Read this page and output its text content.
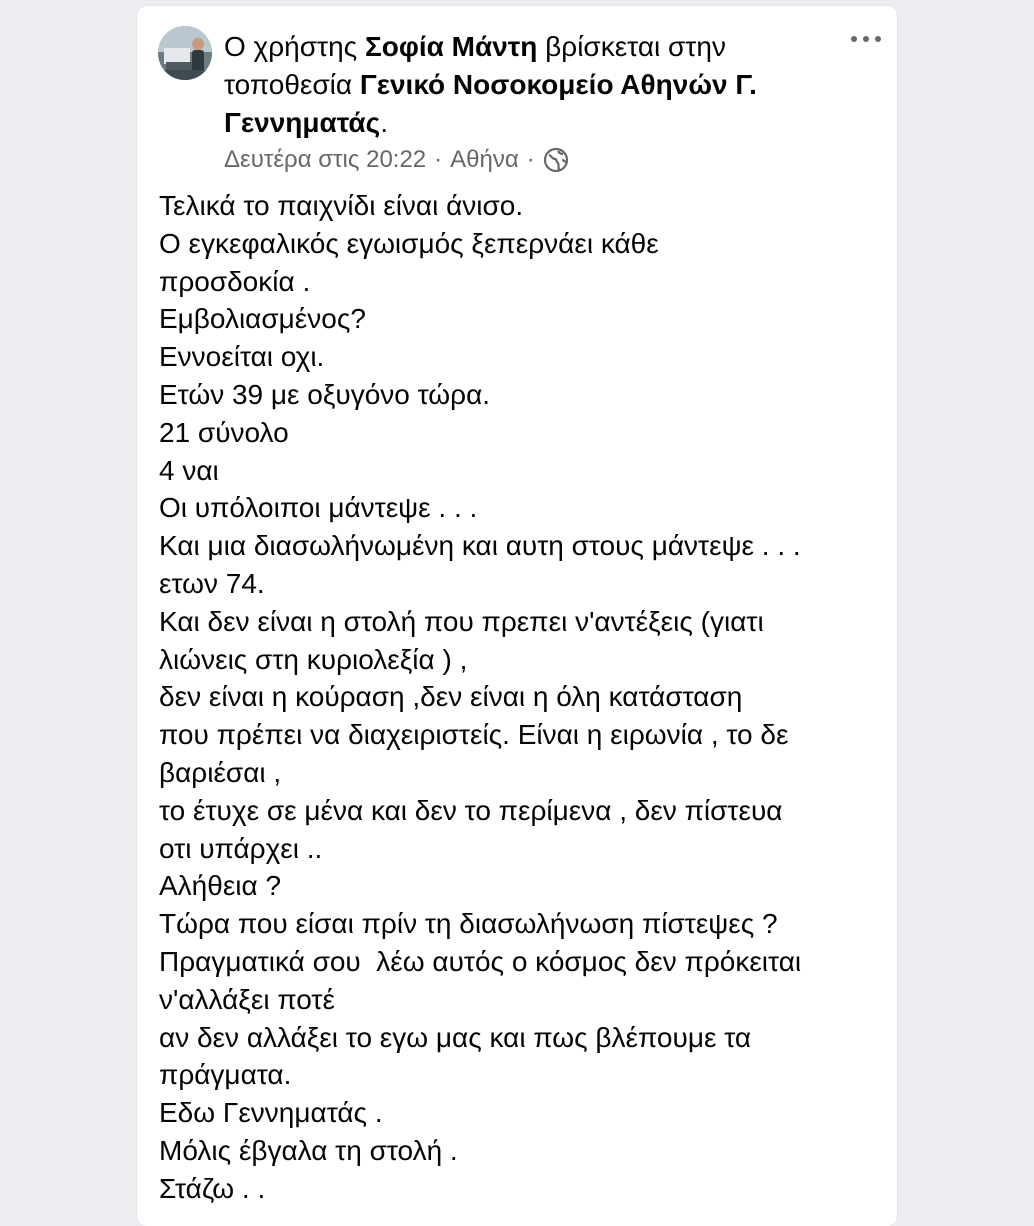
Ο χρήστης Σοφία Μάντη βρίσκεται στην τοποθεσία Γενικό Νοσοκομείο Αθηνών Γ. Γεννηματάς.
Δευτέρα στις 20:22 · Αθήνα ·
Τελικά το παιχνίδι είναι άνισο.
Ο εγκεφαλικός εγωισμός ξεπερνάει κάθε
προσδοκία .
Εμβολιασμένος?
Εννοείται οχι.
Ετών 39 με οξυγόνο τώρα.
21 σύνολο
4 ναι
Οι υπόλοιποι μάντεψε . . .
Και μια διασωλήνωμένη και αυτη στους μάντεψε . . .
ετων 74.
Και δεν είναι η στολή που πρεπει ν'αντέξεις (γιατι
λιώνεις στη κυριολεξία ) ,
δεν είναι η κούραση ,δεν είναι η όλη κατάσταση
που πρέπει να διαχειριστείς. Είναι η ειρωνία , το δε
βαριέσαι ,
το έτυχε σε μένα και δεν το περίμενα , δεν πίστευα
οτι υπάρχει ..
Αλήθεια ?
Τώρα που είσαι πρίν τη διασωλήνωση πίστεψες ?
Πραγματικά σου  λέω αυτός ο κόσμος δεν πρόκειται
ν'αλλάξει ποτέ
αν δεν αλλάξει το εγω μας και πως βλέπουμε τα
πράγματα.
Εδω Γεννηματάς .
Μόλις έβγαλα τη στολή .
Στάζω . .
